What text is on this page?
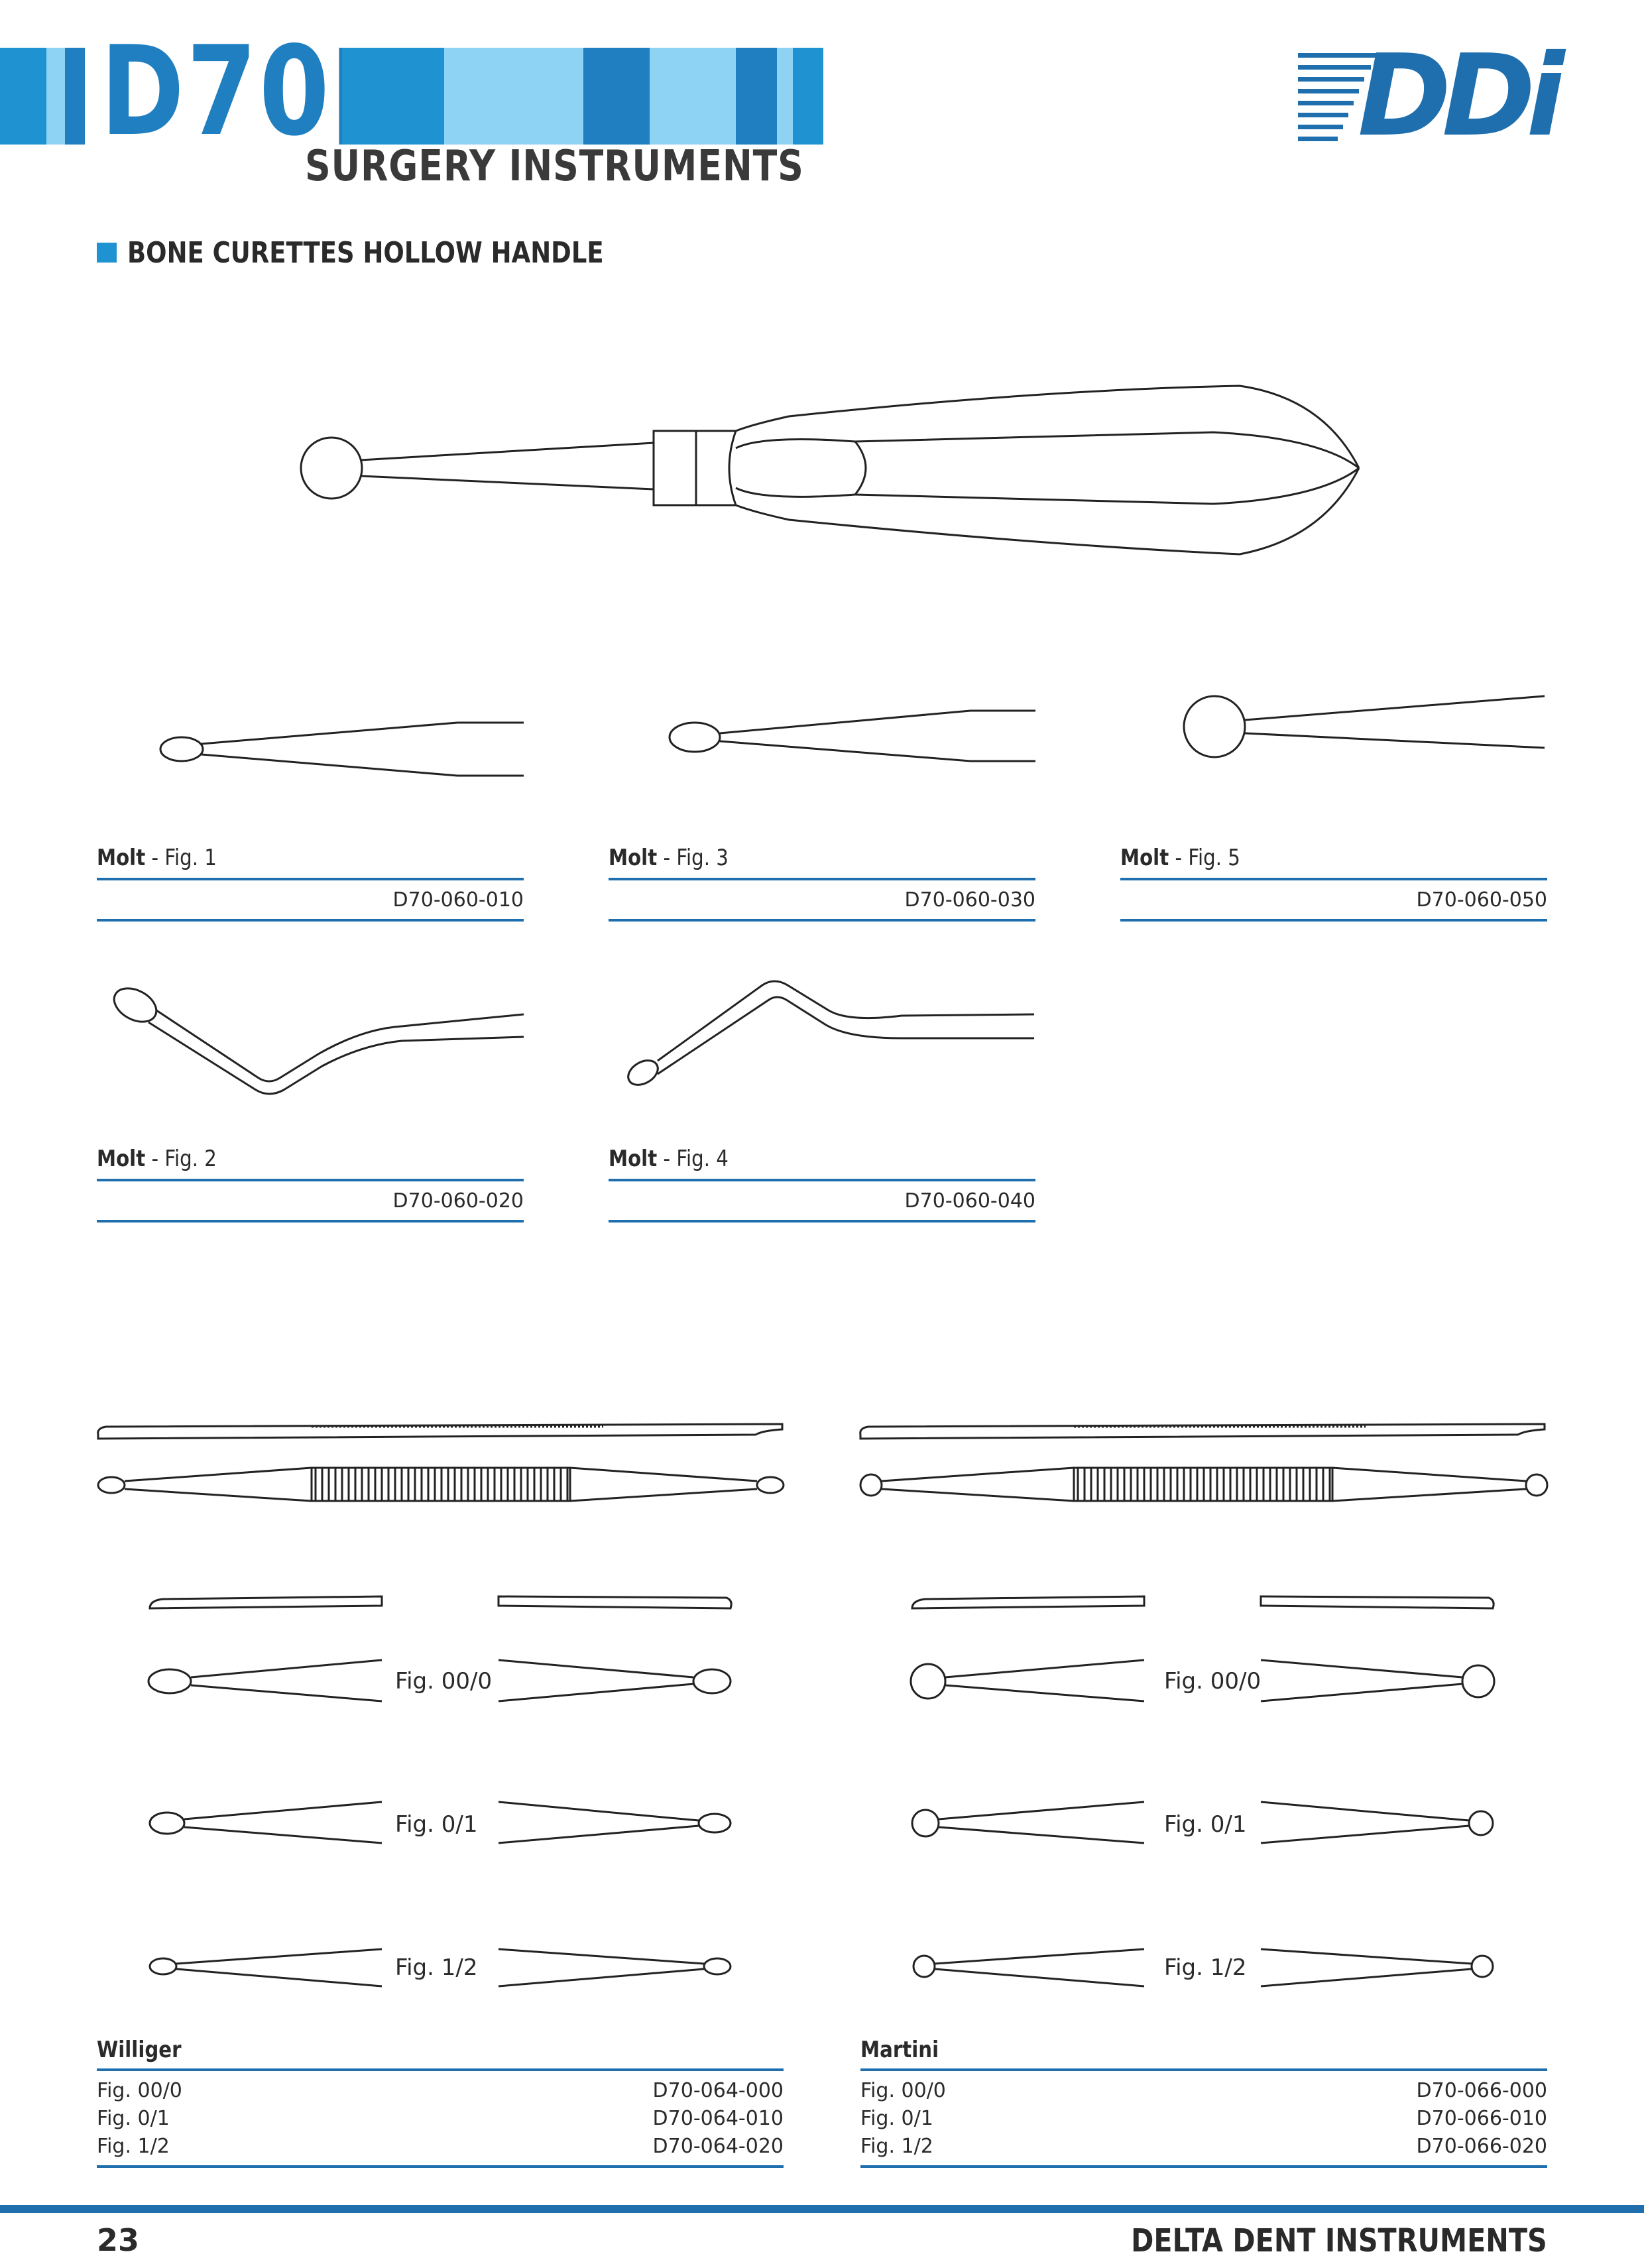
D70
SURGERY INSTRUMENTS
DDi
BONE CURETTES HOLLOW HANDLE
Molt - Fig. 1
D70-060-010
Molt - Fig. 3
D70-060-030
Molt - Fig. 5
D70-060-050
Molt - Fig. 2
D70-060-020
Molt - Fig. 4
D70-060-040
Fig. 00/0
Fig. 0/1
Fig. 1/2
Williger
Fig. 00/0
Fig. 0/1
Fig. 1/2
D70-064-000
D70-064-010
D70-064-020
Fig. 00/0
Fig. 0/1
Fig. 1/2
Martini
Fig. 00/0
Fig. 0/1
Fig. 1/2
D70-066-000
D70-066-010
D70-066-020
23	DELTA DENT INSTRUMENTS
